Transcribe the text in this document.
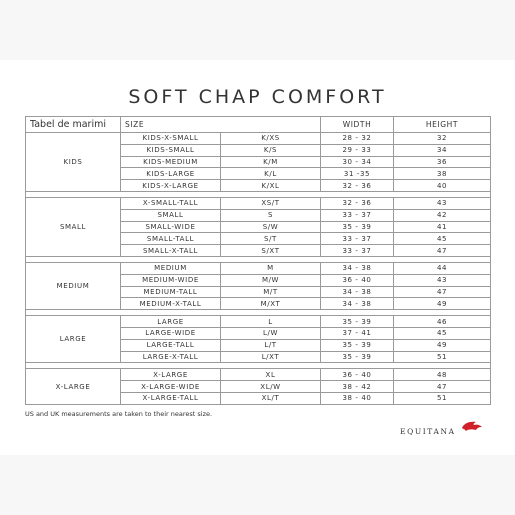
SOFT CHAP COMFORT
Tabel de marimi	SIZE		WIDTH	HEIGHT
KIDS	KIDS-X-SMALL	K/XS	28 - 32	32
	KIDS-SMALL	K/S	29 - 33	34
	KIDS-MEDIUM	K/M	30 - 34	36
	KIDS-LARGE	K/L	31 -35	38
	KIDS-X-LARGE	K/XL	32 - 36	40

SMALL	X-SMALL-TALL	XS/T	32 - 36	43
	SMALL	S	33 - 37	42
	SMALL-WIDE	S/W	35 - 39	41
	SMALL-TALL	S/T	33 - 37	45
	SMALL-X-TALL	S/XT	33 - 37	47

MEDIUM	MEDIUM	M	34 - 38	44
	MEDIUM-WIDE	M/W	36 - 40	43
	MEDIUM-TALL	M/T	34 - 38	47
	MEDIUM-X-TALL	M/XT	34 - 38	49

LARGE	LARGE	L	35 - 39	46
	LARGE-WIDE	L/W	37 - 41	45
	LARGE-TALL	L/T	35 - 39	49
	LARGE-X-TALL	L/XT	35 - 39	51

X-LARGE	X-LARGE	XL	36 - 40	48
	X-LARGE-WIDE	XL/W	38 - 42	47
	X-LARGE-TALL	XL/T	38 - 40	51
US and UK measurements are taken to their nearest size.
EQUITANA
